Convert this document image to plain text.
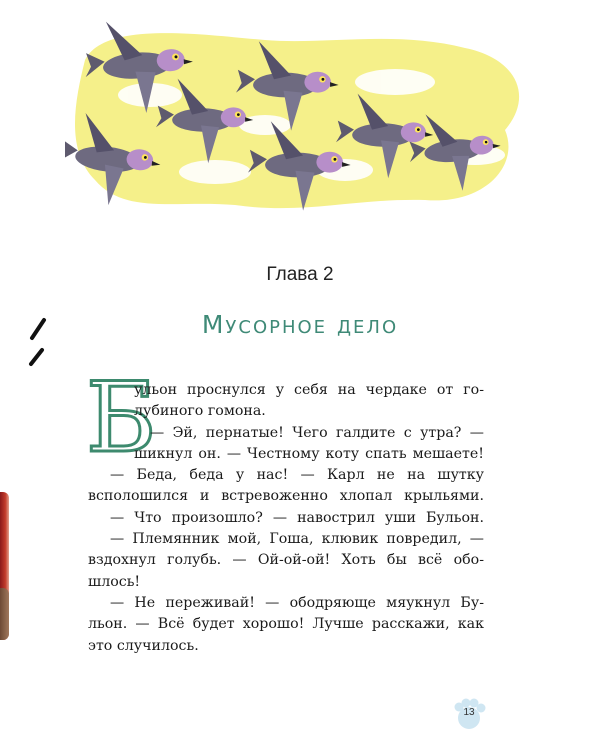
Глава 2
Мусорное дело
Б
ульон проснулся у себя на чердаке от го-
лубиного гомона.
— Эй, пернатые! Чего галдите с утра? —
шикнул он. — Честному коту спать мешаете!
— Беда, беда у нас! — Карл не на шутку
всполошился и встревоженно хлопал крыльями.
— Что произошло? — навострил уши Бульон.
— Племянник мой, Гоша, клювик повредил, —
вздохнул голубь. — Ой-ой-ой! Хоть бы всё обо-
шлось!
— Не переживай! — ободряюще мяукнул Бу-
льон. — Всё будет хорошо! Лучше расскажи, как
это случилось.
13
